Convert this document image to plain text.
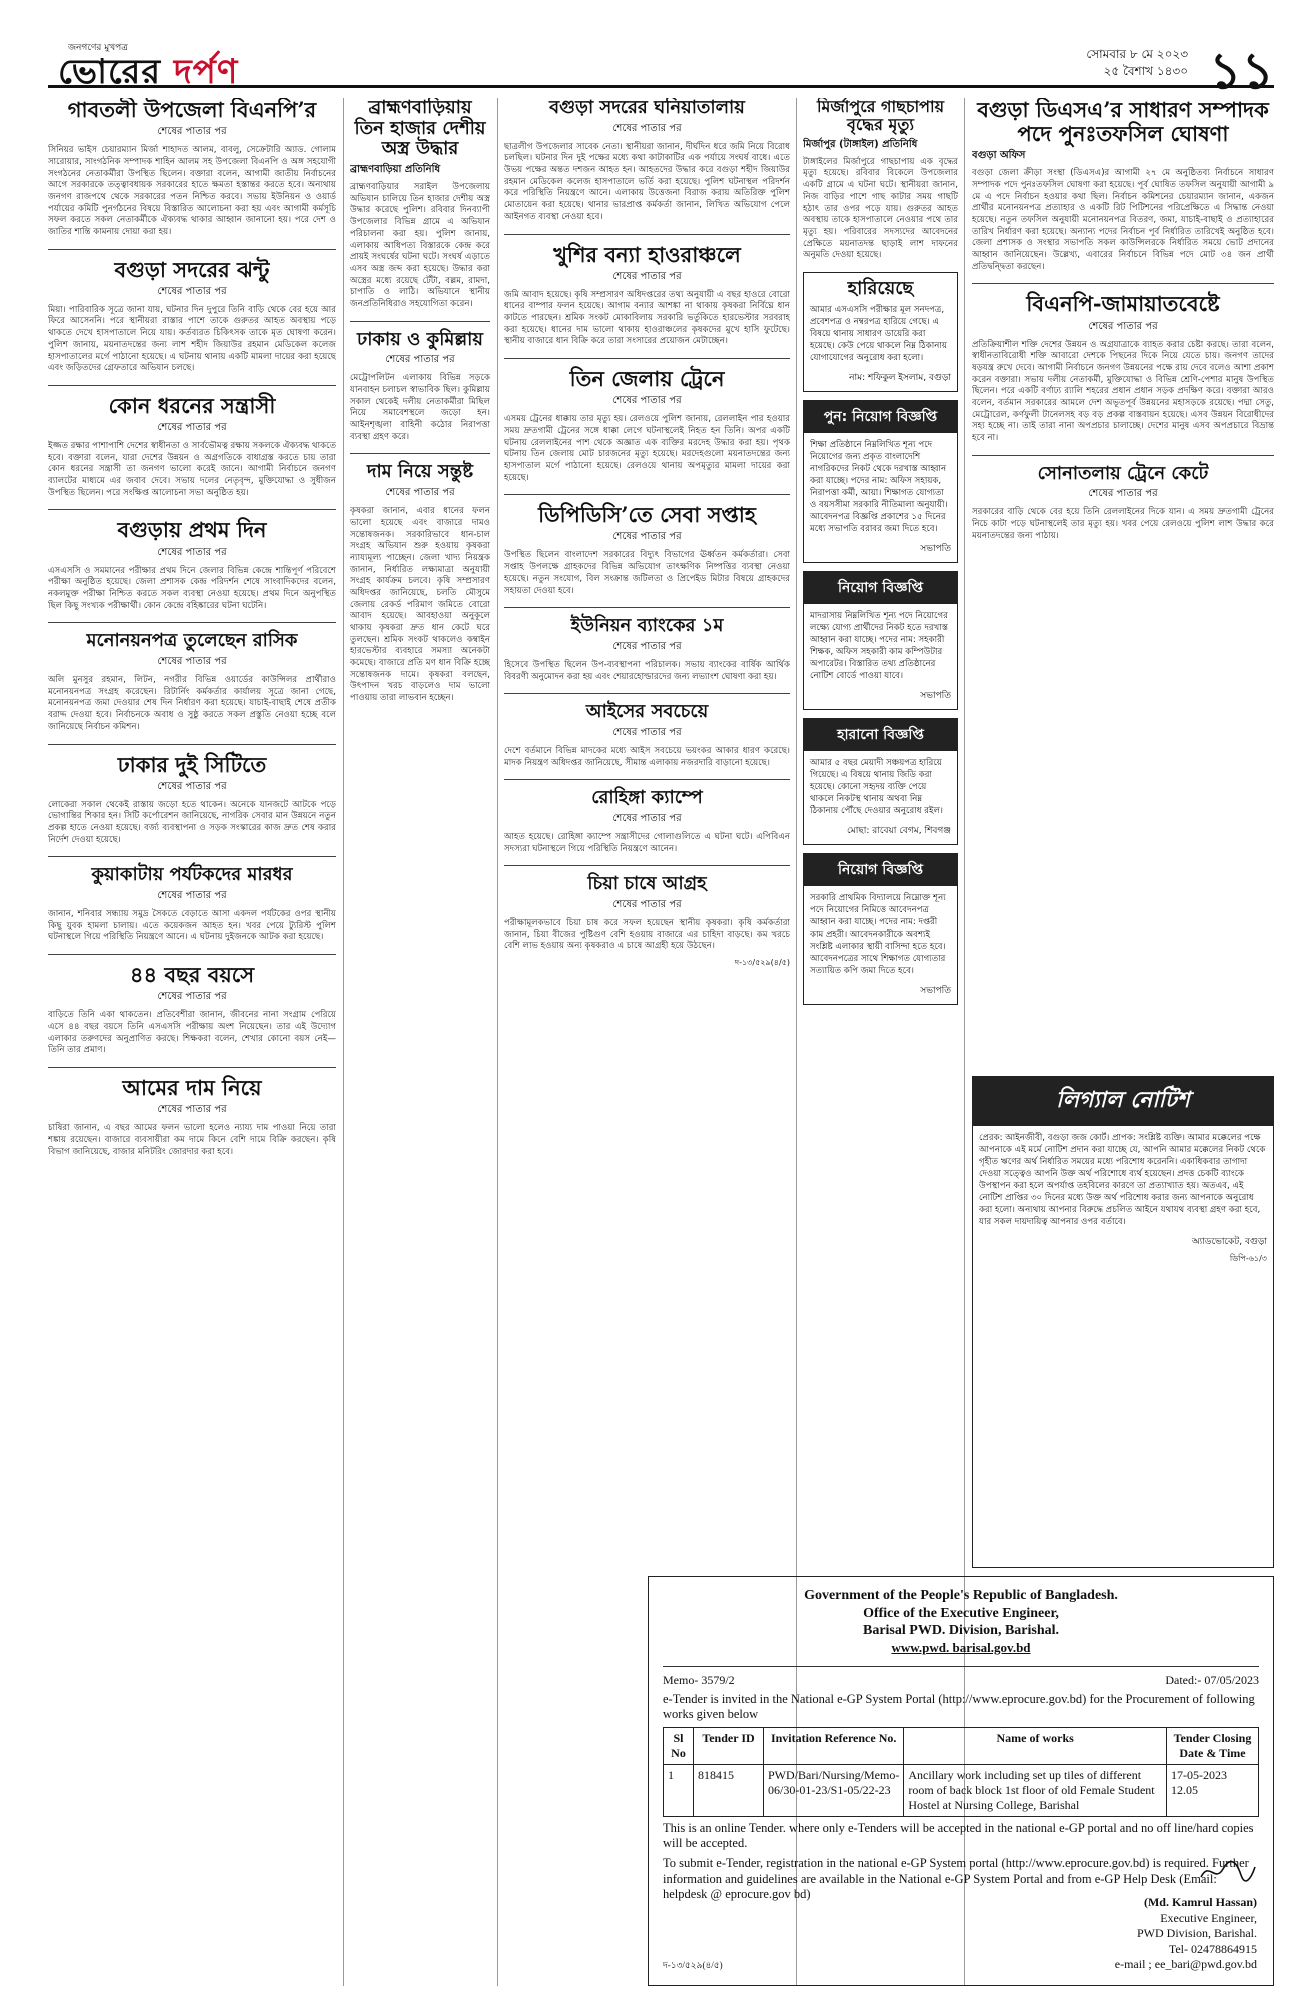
জনগণের মুখপত্র
ভোরের দর্পণ	সোমবার ৮ মে ২০২৩
২৫ বৈশাখ ১৪৩০ ১১
গাবতলী উপজেলা বিএনপি’র
শেষের পাতার পর
সিনিয়র ভাইস চেয়ারম্যান মির্জা শাহাদত আলম, বাবলু, সেক্রেটারি অ্যাড. গোলাম সারোয়ার, সাংগঠনিক সম্পাদক শাহিন আলম সহ উপজেলা বিএনপি ও অঙ্গ সহযোগী সংগঠনের নেতাকর্মীরা উপস্থিত ছিলেন। বক্তারা বলেন, আগামী জাতীয় নির্বাচনের আগে সরকারকে তত্ত্বাবধায়ক সরকারের হাতে ক্ষমতা হস্তান্তর করতে হবে। অন্যথায় জনগণ রাজপথে থেকে সরকারের পতন নিশ্চিত করবে। সভায় ইউনিয়ন ও ওয়ার্ড পর্যায়ের কমিটি পুনর্গঠনের বিষয়ে বিস্তারিত আলোচনা করা হয় এবং আগামী কর্মসূচি সফল করতে সকল নেতাকর্মীকে ঐক্যবদ্ধ থাকার আহ্বান জানানো হয়। পরে দেশ ও জাতির শান্তি কামনায় দোয়া করা হয়।
বগুড়া সদরের ঝন্টু
শেষের পাতার পর
মিয়া। পারিবারিক সূত্রে জানা যায়, ঘটনার দিন দুপুরে তিনি বাড়ি থেকে বের হয়ে আর ফিরে আসেননি। পরে স্থানীয়রা রাস্তার পাশে তাকে গুরুতর আহত অবস্থায় পড়ে থাকতে দেখে হাসপাতালে নিয়ে যায়। কর্তব্যরত চিকিৎসক তাকে মৃত ঘোষণা করেন। পুলিশ জানায়, ময়নাতদন্তের জন্য লাশ শহীদ জিয়াউর রহমান মেডিকেল কলেজ হাসপাতালের মর্গে পাঠানো হয়েছে। এ ঘটনায় থানায় একটি মামলা দায়ের করা হয়েছে এবং জড়িতদের গ্রেফতারে অভিযান চলছে।
কোন ধরনের সন্ত্রাসী
শেষের পাতার পর
ইজ্জত রক্ষার পাশাপাশি দেশের স্বাধীনতা ও সার্বভৌমত্ব রক্ষায় সকলকে ঐক্যবদ্ধ থাকতে হবে। বক্তারা বলেন, যারা দেশের উন্নয়ন ও অগ্রগতিকে বাধাগ্রস্ত করতে চায় তারা কোন ধরনের সন্ত্রাসী তা জনগণ ভালো করেই জানে। আগামী নির্বাচনে জনগণ ব্যালটের মাধ্যমে এর জবাব দেবে। সভায় দলের নেতৃবৃন্দ, মুক্তিযোদ্ধা ও সুধীজন উপস্থিত ছিলেন। পরে সংক্ষিপ্ত আলোচনা সভা অনুষ্ঠিত হয়।
বগুড়ায় প্রথম দিন
শেষের পাতার পর
এসএসসি ও সমমানের পরীক্ষার প্রথম দিনে জেলার বিভিন্ন কেন্দ্রে শান্তিপূর্ণ পরিবেশে পরীক্ষা অনুষ্ঠিত হয়েছে। জেলা প্রশাসক কেন্দ্র পরিদর্শন শেষে সাংবাদিকদের বলেন, নকলমুক্ত পরীক্ষা নিশ্চিত করতে সকল ব্যবস্থা নেওয়া হয়েছে। প্রথম দিনে অনুপস্থিত ছিল কিছু সংখ্যক পরীক্ষার্থী। কোন কেন্দ্রে বহিষ্কারের ঘটনা ঘটেনি।
মনোনয়নপত্র তুলেছেন রাসিক
শেষের পাতার পর
অলি মুনসুর রহমান, লিটন, নগরীর বিভিন্ন ওয়ার্ডের কাউন্সিলর প্রার্থীরাও মনোনয়নপত্র সংগ্রহ করেছেন। রিটার্নিং কর্মকর্তার কার্যালয় সূত্রে জানা গেছে, মনোনয়নপত্র জমা দেওয়ার শেষ দিন নির্ধারণ করা হয়েছে। যাচাই-বাছাই শেষে প্রতীক বরাদ্দ দেওয়া হবে। নির্বাচনকে অবাধ ও সুষ্ঠু করতে সকল প্রস্তুতি নেওয়া হচ্ছে বলে জানিয়েছে নির্বাচন কমিশন।
ঢাকার দুই সিটিতে
শেষের পাতার পর
লোকেরা সকাল থেকেই রাস্তায় জড়ো হতে থাকেন। অনেকে যানজটে আটকে পড়ে ভোগান্তির শিকার হন। সিটি কর্পোরেশন জানিয়েছে, নাগরিক সেবার মান উন্নয়নে নতুন প্রকল্প হাতে নেওয়া হয়েছে। বর্জ্য ব্যবস্থাপনা ও সড়ক সংস্কারের কাজ দ্রুত শেষ করার নির্দেশ দেওয়া হয়েছে।
কুয়াকাটায় পর্যটকদের মারধর
শেষের পাতার পর
জানান, শনিবার সন্ধ্যায় সমুদ্র সৈকতে বেড়াতে আসা একদল পর্যটকের ওপর স্থানীয় কিছু যুবক হামলা চালায়। এতে কয়েকজন আহত হন। খবর পেয়ে ট্যুরিস্ট পুলিশ ঘটনাস্থলে গিয়ে পরিস্থিতি নিয়ন্ত্রণে আনে। এ ঘটনায় দুইজনকে আটক করা হয়েছে।
৪৪ বছর বয়সে
শেষের পাতার পর
বাড়িতে তিনি একা থাকতেন। প্রতিবেশীরা জানান, জীবনের নানা সংগ্রাম পেরিয়ে এসে ৪৪ বছর বয়সে তিনি এসএসসি পরীক্ষায় অংশ নিয়েছেন। তার এই উদ্যোগ এলাকার তরুণদের অনুপ্রাণিত করছে। শিক্ষকরা বলেন, শেখার কোনো বয়স নেই—তিনি তার প্রমাণ।
আমের দাম নিয়ে
শেষের পাতার পর
চাষিরা জানান, এ বছর আমের ফলন ভালো হলেও ন্যায্য দাম পাওয়া নিয়ে তারা শঙ্কায় রয়েছেন। বাজারে ব্যবসায়ীরা কম দামে কিনে বেশি দামে বিক্রি করছেন। কৃষি বিভাগ জানিয়েছে, বাজার মনিটরিং জোরদার করা হবে।
ব্রাহ্মণবাড়িয়ায়
তিন হাজার দেশীয়
অস্ত্র উদ্ধার
ব্রাহ্মণবাড়িয়া প্রতিনিধি
ব্রাহ্মণবাড়িয়ার সরাইল উপজেলায় অভিযান চালিয়ে তিন হাজার দেশীয় অস্ত্র উদ্ধার করেছে পুলিশ। রবিবার দিনব্যাপী উপজেলার বিভিন্ন গ্রামে এ অভিযান পরিচালনা করা হয়। পুলিশ জানায়, এলাকায় আধিপত্য বিস্তারকে কেন্দ্র করে প্রায়ই সংঘর্ষের ঘটনা ঘটে। সংঘর্ষ এড়াতে এসব অস্ত্র জব্দ করা হয়েছে। উদ্ধার করা অস্ত্রের মধ্যে রয়েছে টেঁটা, বল্লম, রামদা, চাপাতি ও লাঠি। অভিযানে স্থানীয় জনপ্রতিনিধিরাও সহযোগিতা করেন।
ঢাকায় ও কুমিল্লায়
শেষের পাতার পর
মেট্রোপলিটন এলাকায় বিভিন্ন সড়কে যানবাহন চলাচল স্বাভাবিক ছিল। কুমিল্লায় সকাল থেকেই দলীয় নেতাকর্মীরা মিছিল নিয়ে সমাবেশস্থলে জড়ো হন। আইনশৃঙ্খলা বাহিনী কঠোর নিরাপত্তা ব্যবস্থা গ্রহণ করে।
দাম নিয়ে সন্তুষ্ট
শেষের পাতার পর
কৃষকরা জানান, এবার ধানের ফলন ভালো হয়েছে এবং বাজারে দামও সন্তোষজনক। সরকারিভাবে ধান-চাল সংগ্রহ অভিযান শুরু হওয়ায় কৃষকরা ন্যায্যমূল্য পাচ্ছেন। জেলা খাদ্য নিয়ন্ত্রক জানান, নির্ধারিত লক্ষ্যমাত্রা অনুযায়ী সংগ্রহ কার্যক্রম চলবে। কৃষি সম্প্রসারণ অধিদপ্তর জানিয়েছে, চলতি মৌসুমে জেলায় রেকর্ড পরিমাণ জমিতে বোরো আবাদ হয়েছে। আবহাওয়া অনুকূলে থাকায় কৃষকরা দ্রুত ধান কেটে ঘরে তুলছেন। শ্রমিক সংকট থাকলেও কম্বাইন হারভেস্টার ব্যবহারে সমস্যা অনেকটা কমেছে। বাজারে প্রতি মণ ধান বিক্রি হচ্ছে সন্তোষজনক দামে। কৃষকরা বলছেন, উৎপাদন খরচ বাড়লেও দাম ভালো পাওয়ায় তারা লাভবান হচ্ছেন।
বগুড়া সদরের ঘনিয়াতালায়
শেষের পাতার পর
ছাত্রলীগ উপজেলার সাবেক নেতা। স্থানীয়রা জানান, দীর্ঘদিন ধরে জমি নিয়ে বিরোধ চলছিল। ঘটনার দিন দুই পক্ষের মধ্যে কথা কাটাকাটির এক পর্যায়ে সংঘর্ষ বাধে। এতে উভয় পক্ষের অন্তত দশজন আহত হন। আহতদের উদ্ধার করে বগুড়া শহীদ জিয়াউর রহমান মেডিকেল কলেজ হাসপাতালে ভর্তি করা হয়েছে। পুলিশ ঘটনাস্থল পরিদর্শন করে পরিস্থিতি নিয়ন্ত্রণে আনে। এলাকায় উত্তেজনা বিরাজ করায় অতিরিক্ত পুলিশ মোতায়েন করা হয়েছে। থানার ভারপ্রাপ্ত কর্মকর্তা জানান, লিখিত অভিযোগ পেলে আইনগত ব্যবস্থা নেওয়া হবে।
খুশির বন্যা হাওরাঞ্চলে
শেষের পাতার পর
জমি আবাদ হয়েছে। কৃষি সম্প্রসারণ অধিদপ্তরের তথ্য অনুযায়ী এ বছর হাওরে বোরো ধানের বাম্পার ফলন হয়েছে। আগাম বন্যার আশঙ্কা না থাকায় কৃষকরা নির্বিঘ্নে ধান কাটতে পারছেন। শ্রমিক সংকট মোকাবিলায় সরকারি ভর্তুকিতে হারভেস্টার সরবরাহ করা হয়েছে। ধানের দাম ভালো থাকায় হাওরাঞ্চলের কৃষকদের মুখে হাসি ফুটেছে। স্থানীয় বাজারে ধান বিক্রি করে তারা সংসারের প্রয়োজন মেটাচ্ছেন।
তিন জেলায় ট্রেনে
শেষের পাতার পর
এসময় ট্রেনের ধাক্কায় তার মৃত্যু হয়। রেলওয়ে পুলিশ জানায়, রেললাইন পার হওয়ার সময় দ্রুতগামী ট্রেনের সঙ্গে ধাক্কা লেগে ঘটনাস্থলেই নিহত হন তিনি। অপর একটি ঘটনায় রেললাইনের পাশ থেকে অজ্ঞাত এক ব্যক্তির মরদেহ উদ্ধার করা হয়। পৃথক ঘটনায় তিন জেলায় মোট চারজনের মৃত্যু হয়েছে। মরদেহগুলো ময়নাতদন্তের জন্য হাসপাতাল মর্গে পাঠানো হয়েছে। রেলওয়ে থানায় অপমৃত্যুর মামলা দায়ের করা হয়েছে।
ডিপিডিসি’তে সেবা সপ্তাহ
শেষের পাতার পর
উপস্থিত ছিলেন বাংলাদেশ সরকারের বিদ্যুৎ বিভাগের ঊর্ধ্বতন কর্মকর্তারা। সেবা সপ্তাহ উপলক্ষে গ্রাহকদের বিভিন্ন অভিযোগ তাৎক্ষণিক নিষ্পত্তির ব্যবস্থা নেওয়া হয়েছে। নতুন সংযোগ, বিল সংক্রান্ত জটিলতা ও প্রিপেইড মিটার বিষয়ে গ্রাহকদের সহায়তা দেওয়া হবে।
ইউনিয়ন ব্যাংকের ১ম
শেষের পাতার পর
হিসেবে উপস্থিত ছিলেন উপ-ব্যবস্থাপনা পরিচালক। সভায় ব্যাংকের বার্ষিক আর্থিক বিবরণী অনুমোদন করা হয় এবং শেয়ারহোল্ডারদের জন্য লভ্যাংশ ঘোষণা করা হয়।
আইসের সবচেয়ে
শেষের পাতার পর
দেশে বর্তমানে বিভিন্ন মাদকের মধ্যে আইস সবচেয়ে ভয়ংকর আকার ধারণ করেছে। মাদক নিয়ন্ত্রণ অধিদপ্তর জানিয়েছে, সীমান্ত এলাকায় নজরদারি বাড়ানো হয়েছে।
রোহিঙ্গা ক্যাম্পে
শেষের পাতার পর
আহত হয়েছে। রোহিঙ্গা ক্যাম্পে সন্ত্রাসীদের গোলাগুলিতে এ ঘটনা ঘটে। এপিবিএন সদস্যরা ঘটনাস্থলে গিয়ে পরিস্থিতি নিয়ন্ত্রণে আনেন।
চিয়া চাষে আগ্রহ
শেষের পাতার পর
পরীক্ষামূলকভাবে চিয়া চাষ করে সফল হয়েছেন স্থানীয় কৃষকরা। কৃষি কর্মকর্তারা জানান, চিয়া বীজের পুষ্টিগুণ বেশি হওয়ায় বাজারে এর চাহিদা বাড়ছে। কম খরচে বেশি লাভ হওয়ায় অন্য কৃষকরাও এ চাষে আগ্রহী হয়ে উঠছেন।
দ-১৩/৫২৯(৪/৫)
মির্জাপুরে গাছচাপায়
বৃদ্ধের মৃত্যু
মির্জাপুর (টাঙ্গাইল) প্রতিনিধি
টাঙ্গাইলের মির্জাপুরে গাছচাপায় এক বৃদ্ধের মৃত্যু হয়েছে। রবিবার বিকেলে উপজেলার একটি গ্রামে এ ঘটনা ঘটে। স্থানীয়রা জানান, নিজ বাড়ির পাশে গাছ কাটার সময় গাছটি হঠাৎ তার ওপর পড়ে যায়। গুরুতর আহত অবস্থায় তাকে হাসপাতালে নেওয়ার পথে তার মৃত্যু হয়। পরিবারের সদস্যদের আবেদনের প্রেক্ষিতে ময়নাতদন্ত ছাড়াই লাশ দাফনের অনুমতি দেওয়া হয়েছে।
হারিয়েছে
আমার এসএসসি পরীক্ষার মূল সনদপত্র, প্রবেশপত্র ও নম্বরপত্র হারিয়ে গেছে। এ বিষয়ে থানায় সাধারণ ডায়েরি করা হয়েছে। কেউ পেয়ে থাকলে নিম্ন ঠিকানায় যোগাযোগের অনুরোধ করা হলো।
নাম: শফিকুল ইসলাম, বগুড়া
পুন: নিয়োগ বিজ্ঞপ্তি
শিক্ষা প্রতিষ্ঠানে নিম্নলিখিত শূন্য পদে নিয়োগের জন্য প্রকৃত বাংলাদেশি নাগরিকদের নিকট থেকে দরখাস্ত আহ্বান করা যাচ্ছে। পদের নাম: অফিস সহায়ক, নিরাপত্তা কর্মী, আয়া। শিক্ষাগত যোগ্যতা ও বয়সসীমা সরকারি নীতিমালা অনুযায়ী। আবেদনপত্র বিজ্ঞপ্তি প্রকাশের ১৫ দিনের মধ্যে সভাপতি বরাবর জমা দিতে হবে।
সভাপতি
নিয়োগ বিজ্ঞপ্তি
মাদরাসায় নিম্নলিখিত শূন্য পদে নিয়োগের লক্ষ্যে যোগ্য প্রার্থীদের নিকট হতে দরখাস্ত আহ্বান করা যাচ্ছে। পদের নাম: সহকারী শিক্ষক, অফিস সহকারী কাম কম্পিউটার অপারেটর। বিস্তারিত তথ্য প্রতিষ্ঠানের নোটিশ বোর্ডে পাওয়া যাবে।
সভাপতি
হারানো বিজ্ঞপ্তি
আমার ৫ বছর মেয়াদী সঞ্চয়পত্র হারিয়ে গিয়েছে। এ বিষয়ে থানায় জিডি করা হয়েছে। কোনো সহৃদয় ব্যক্তি পেয়ে থাকলে নিকটস্থ থানায় অথবা নিম্ন ঠিকানায় পৌঁছে দেওয়ার অনুরোধ রইল।
মোছা: রাবেয়া বেগম, শিবগঞ্জ
নিয়োগ বিজ্ঞপ্তি
সরকারি প্রাথমিক বিদ্যালয়ে নিম্নোক্ত শূন্য পদে নিয়োগের নিমিত্তে আবেদনপত্র আহ্বান করা যাচ্ছে। পদের নাম: দপ্তরী কাম প্রহরী। আবেদনকারীকে অবশ্যই সংশ্লিষ্ট এলাকার স্থায়ী বাসিন্দা হতে হবে। আবেদনপত্রের সাথে শিক্ষাগত যোগ্যতার সত্যায়িত কপি জমা দিতে হবে।
সভাপতি
বগুড়া ডিএসএ’র সাধারণ সম্পাদক
পদে পুনঃতফসিল ঘোষণা
বগুড়া অফিস
বগুড়া জেলা ক্রীড়া সংস্থা (ডিএসএ)র আগামী ২৭ মে অনুষ্ঠিতব্য নির্বাচনে সাধারণ সম্পাদক পদে পুনঃতফসিল ঘোষণা করা হয়েছে। পূর্ব ঘোষিত তফসিল অনুযায়ী আগামী ৯ মে এ পদে নির্বাচন হওয়ার কথা ছিল। নির্বাচন কমিশনের চেয়ারম্যান জানান, একজন প্রার্থীর মনোনয়নপত্র প্রত্যাহার ও একটি রিট পিটিশনের পরিপ্রেক্ষিতে এ সিদ্ধান্ত নেওয়া হয়েছে। নতুন তফসিল অনুযায়ী মনোনয়নপত্র বিতরণ, জমা, যাচাই-বাছাই ও প্রত্যাহারের তারিখ নির্ধারণ করা হয়েছে। অন্যান্য পদের নির্বাচন পূর্ব নির্ধারিত তারিখেই অনুষ্ঠিত হবে। জেলা প্রশাসক ও সংস্থার সভাপতি সকল কাউন্সিলরকে নির্ধারিত সময়ে ভোট প্রদানের আহ্বান জানিয়েছেন। উল্লেখ্য, এবারের নির্বাচনে বিভিন্ন পদে মোট ৩৪ জন প্রার্থী প্রতিদ্বন্দ্বিতা করছেন।
বিএনপি-জামায়াতবেষ্টে
শেষের পাতার পর
প্রতিক্রিয়াশীল শক্তি দেশের উন্নয়ন ও অগ্রযাত্রাকে ব্যাহত করার চেষ্টা করছে। তারা বলেন, স্বাধীনতাবিরোধী শক্তি আবারো দেশকে পিছনের দিকে নিয়ে যেতে চায়। জনগণ তাদের ষড়যন্ত্র রুখে দেবে। আগামী নির্বাচনে জনগণ উন্নয়নের পক্ষে রায় দেবে বলেও আশা প্রকাশ করেন বক্তারা। সভায় দলীয় নেতাকর্মী, মুক্তিযোদ্ধা ও বিভিন্ন শ্রেণি-পেশার মানুষ উপস্থিত ছিলেন। পরে একটি বর্ণাঢ্য র‌্যালি শহরের প্রধান প্রধান সড়ক প্রদক্ষিণ করে। বক্তারা আরও বলেন, বর্তমান সরকারের আমলে দেশ অভূতপূর্ব উন্নয়নের মহাসড়কে রয়েছে। পদ্মা সেতু, মেট্রোরেল, কর্ণফুলী টানেলসহ বড় বড় প্রকল্প বাস্তবায়ন হয়েছে। এসব উন্নয়ন বিরোধীদের সহ্য হচ্ছে না। তাই তারা নানা অপপ্রচার চালাচ্ছে। দেশের মানুষ এসব অপপ্রচারে বিভ্রান্ত হবে না।
সোনাতলায় ট্রেনে কেটে
শেষের পাতার পর
সরকারের বাড়ি থেকে বের হয়ে তিনি রেললাইনের দিকে যান। এ সময় দ্রুতগামী ট্রেনের নিচে কাটা পড়ে ঘটনাস্থলেই তার মৃত্যু হয়। খবর পেয়ে রেলওয়ে পুলিশ লাশ উদ্ধার করে ময়নাতদন্তের জন্য পাঠায়।
লিগ্যাল নোটিশ
প্রেরক: আইনজীবী, বগুড়া জজ কোর্ট। প্রাপক: সংশ্লিষ্ট ব্যক্তি। আমার মক্কেলের পক্ষে আপনাকে এই মর্মে নোটিশ প্রদান করা যাচ্ছে যে, আপনি আমার মক্কেলের নিকট থেকে গৃহীত ঋণের অর্থ নির্ধারিত সময়ের মধ্যে পরিশোধ করেননি। একাধিকবার তাগাদা দেওয়া সত্ত্বেও আপনি উক্ত অর্থ পরিশোধে ব্যর্থ হয়েছেন। প্রদত্ত চেকটি ব্যাংকে উপস্থাপন করা হলে অপর্যাপ্ত তহবিলের কারণে তা প্রত্যাখ্যাত হয়। অতএব, এই নোটিশ প্রাপ্তির ৩০ দিনের মধ্যে উক্ত অর্থ পরিশোধ করার জন্য আপনাকে অনুরোধ করা হলো। অন্যথায় আপনার বিরুদ্ধে প্রচলিত আইনে যথাযথ ব্যবস্থা গ্রহণ করা হবে, যার সকল দায়দায়িত্ব আপনার ওপর বর্তাবে।
অ্যাডভোকেট, বগুড়া
ডিপি-৬১/৩
Government of the People's Republic of Bangladesh.
Office of the Executive Engineer,
Barisal PWD. Division, Barishal.
www.pwd. barisal.gov.bd
Memo- 3579/2	Dated:- 07/05/2023

e-Tender is invited in the National e-GP System Portal (http://www.eprocure.gov.bd) for the Procurement of following works given below

Sl No	Tender ID	Invitation Reference No.	Name of works	Tender Closing Date & Time
1	818415	PWD/Bari/Nursing/Memo-06/30-01-23/S1-05/22-23	Ancillary work including set up tiles of different room of back block 1st floor of old Female Student Hostel at Nursing College, Barishal	17-05-2023 12.05

This is an online Tender. where only e-Tenders will be accepted in the national e-GP portal and no off line/hard copies will be accepted.

To submit e-Tender, registration in the national e-GP System portal (http://www.eprocure.gov.bd) is required. Further information and guidelines are available in the National e-GP System Portal and from e-GP Help Desk (Email: helpdesk @ eprocure.gov bd)

দ-১৩/৫২৯(৪/৫)
(Md. Kamrul Hassan)
Executive Engineer,
PWD Division, Barishal.
Tel- 02478864915
e-mail ; ee_bari@pwd.gov.bd
